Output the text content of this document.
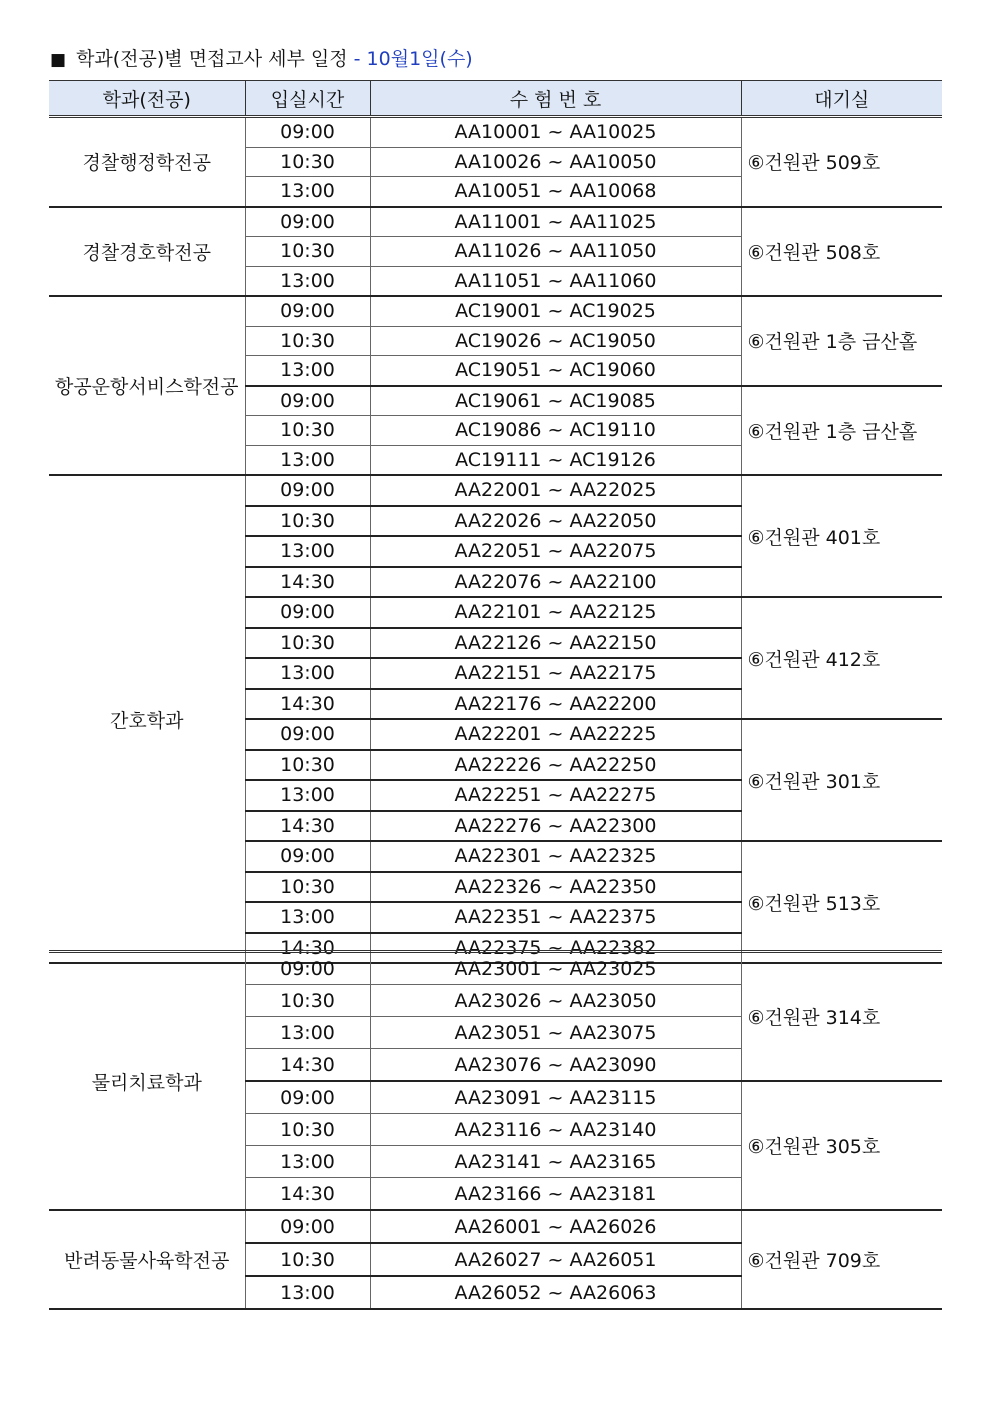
■ 학과(전공)별 면접고사 세부 일정 - 10월1일(수)
학과(전공)	입실시간	수 험 번 호	대기실
경찰행정학전공	09:00	AA10001 ~ AA10025	⑥건원관 509호
	10:30	AA10026 ~ AA10050	
	13:00	AA10051 ~ AA10068	
경찰경호학전공	09:00	AA11001 ~ AA11025	⑥건원관 508호
	10:30	AA11026 ~ AA11050	
	13:00	AA11051 ~ AA11060	
항공운항서비스학전공	09:00	AC19001 ~ AC19025	⑥건원관 1층 금산홀
	10:30	AC19026 ~ AC19050	
	13:00	AC19051 ~ AC19060	
	09:00	AC19061 ~ AC19085	⑥건원관 1층 금산홀
	10:30	AC19086 ~ AC19110	
	13:00	AC19111 ~ AC19126	
간호학과	09:00	AA22001 ~ AA22025	⑥건원관 401호
	10:30	AA22026 ~ AA22050	
	13:00	AA22051 ~ AA22075	
	14:30	AA22076 ~ AA22100	
	09:00	AA22101 ~ AA22125	⑥건원관 412호
	10:30	AA22126 ~ AA22150	
	13:00	AA22151 ~ AA22175	
	14:30	AA22176 ~ AA22200	
	09:00	AA22201 ~ AA22225	⑥건원관 301호
	10:30	AA22226 ~ AA22250	
	13:00	AA22251 ~ AA22275	
	14:30	AA22276 ~ AA22300	
	09:00	AA22301 ~ AA22325	⑥건원관 513호
	10:30	AA22326 ~ AA22350	
	13:00	AA22351 ~ AA22375	
	14:30	AA22375 ~ AA22382	
물리치료학과	09:00	AA23001 ~ AA23025	⑥건원관 314호
	10:30	AA23026 ~ AA23050	
	13:00	AA23051 ~ AA23075	
	14:30	AA23076 ~ AA23090	
	09:00	AA23091 ~ AA23115	⑥건원관 305호
	10:30	AA23116 ~ AA23140	
	13:00	AA23141 ~ AA23165	
	14:30	AA23166 ~ AA23181	
반려동물사육학전공	09:00	AA26001 ~ AA26026	⑥건원관 709호
	10:30	AA26027 ~ AA26051	
	13:00	AA26052 ~ AA26063	
